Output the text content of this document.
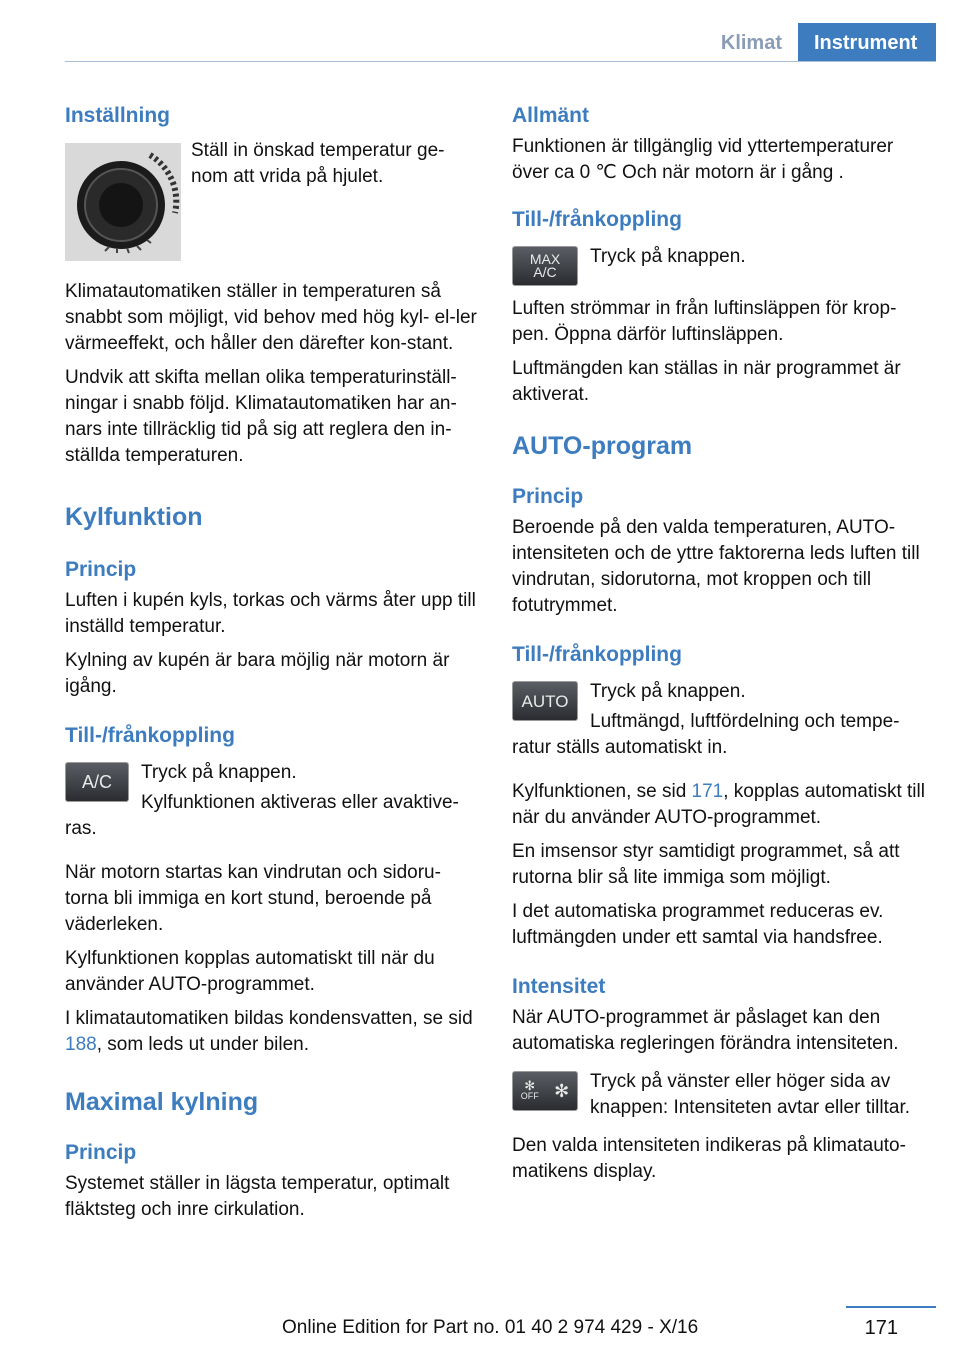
Klimat	Instrument
Inställning

Ställ in önskad temperatur ge-nom att vrida på hjulet.

Klimatautomatiken ställer in temperaturen så snabbt som möjligt, vid behov med hög kyl- el-ler värmeeffekt, och håller den därefter kon-stant.

Undvik att skifta mellan olika temperaturinställ-ningar i snabb följd. Klimatautomatiken har an-nars inte tillräcklig tid på sig att reglera den in-ställda temperaturen.

Kylfunktion
Princip

Luften i kupén kyls, torkas och värms åter upp till inställd temperatur.

Kylning av kupén är bara möjlig när motorn är igång.

Till-/frånkoppling
A/C	Tryck på knappen.

Kylfunktionen aktiveras eller avaktive-ras.

När motorn startas kan vindrutan och sidoru-torna bli immiga en kort stund, beroende på väderleken.

Kylfunktionen kopplas automatiskt till när du använder AUTO-programmet.

I klimatautomatiken bildas kondensvatten, se sid 188, som leds ut under bilen.

Maximal kylning
Princip

Systemet ställer in lägsta temperatur, optimalt fläktsteg och inre cirkulation.

Allmänt

Funktionen är tillgänglig vid yttertemperaturer över ca 0 ℃ Och när motorn är i gång .

Till-/frånkoppling
MAX
A/C

Tryck på knappen.

Luften strömmar in från luftinsläppen för krop-pen. Öppna därför luftinsläppen.

Luftmängden kan ställas in när programmet är aktiverat.

AUTO-program
Princip

Beroende på den valda temperaturen, AUTO-intensiteten och de yttre faktorerna leds luften till vindrutan, sidorutorna, mot kroppen och till fotutrymmet.

Till-/frånkoppling
AUTO	Tryck på knappen.

Luftmängd, luftfördelning och tempe-ratur ställs automatiskt in.

Kylfunktionen, se sid 171, kopplas automatiskt till när du använder AUTO-programmet.

En imsensor styr samtidigt programmet, så att rutorna blir så lite immiga som möjligt.

I det automatiska programmet reduceras ev. luftmängden under ett samtal via handsfree.

Intensitet

När AUTO-programmet är påslaget kan den automatiska regleringen förändra intensiteten.

✻
OFF ✻	Tryck på vänster eller höger sida av knappen: Intensiteten avtar eller tilltar.

Den valda intensiteten indikeras på klimatauto-matikens display.

171
Online Edition for Part no. 01 40 2 974 429 - X/16
